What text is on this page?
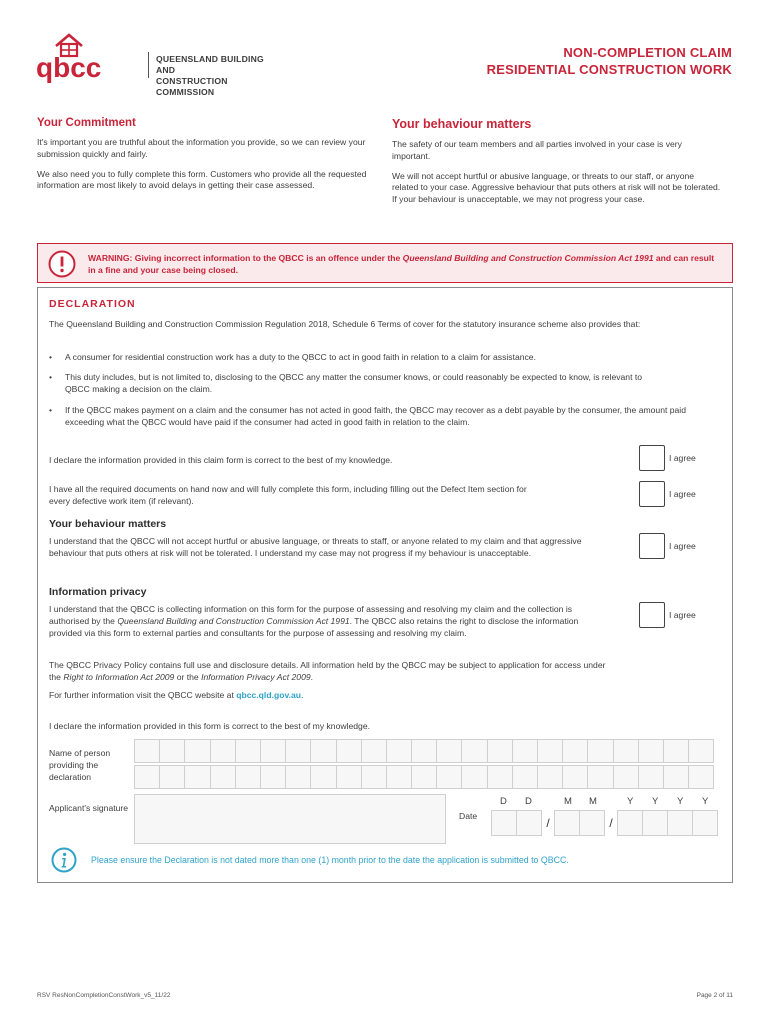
qbcc	QUEENSLAND BUILDING AND
CONSTRUCTION COMMISSION
NON-COMPLETION CLAIM
RESIDENTIAL CONSTRUCTION WORK
Your Commitment
It's important you are truthful about the information you provide, so we can review your submission quickly and fairly.
We also need you to fully complete this form. Customers who provide all the requested information are most likely to avoid delays in getting their case assessed.
Your behaviour matters
The safety of our team members and all parties involved in your case is very important.
We will not accept hurtful or abusive language, or threats to our staff, or anyone related to your case. Aggressive behaviour that puts others at risk will not be tolerated. If your behaviour is unacceptable, we may not progress your case.
WARNING: Giving incorrect information to the QBCC is an offence under the Queensland Building and Construction Commission Act 1991 and can result in a fine and your case being closed.
DECLARATION
The Queensland Building and Construction Commission Regulation 2018, Schedule 6 Terms of cover for the statutory insurance scheme also provides that:
• A consumer for residential construction work has a duty to the QBCC to act in good faith in relation to a claim for assistance.
• This duty includes, but is not limited to, disclosing to the QBCC any matter the consumer knows, or could reasonably be expected to know, is relevant to QBCC making a decision on the claim.
• If the QBCC makes payment on a claim and the consumer has not acted in good faith, the QBCC may recover as a debt payable by the consumer, the amount paid exceeding what the QBCC would have paid if the consumer had acted in good faith in relation to the claim.
I declare the information provided in this claim form is correct to the best of my knowledge.	I agree
I have all the required documents on hand now and will fully complete this form, including filling out the Defect Item section for every defective work item (if relevant).
I agree
Your behaviour matters
I understand that the QBCC will not accept hurtful or abusive language, or threats to staff, or anyone related to my claim and that aggressive behaviour that puts others at risk will not be tolerated. I understand my case may not progress if my behaviour is unacceptable.
I agree
Information privacy
I understand that the QBCC is collecting information on this form for the purpose of assessing and resolving my claim and the collection is authorised by the Queensland Building and Construction Commission Act 1991. The QBCC also retains the right to disclose the information provided via this form to external parties and consultants for the purpose of assessing and resolving my claim.
I agree
The QBCC Privacy Policy contains full use and disclosure details. All information held by the QBCC may be subject to application for access under the Right to Information Act 2009 or the Information Privacy Act 2009.
For further information visit the QBCC website at qbcc.qld.gov.au.
I declare the information provided in this form is correct to the best of my knowledge.
Name of person providing the declaration
Applicant's signature
Date
D D	M M	Y Y Y Y
/	/
Please ensure the Declaration is not dated more than one (1) month prior to the date the application is submitted to QBCC.
RSV ResNonCompletionConstWork_v5_11/22	Page 2 of 11
